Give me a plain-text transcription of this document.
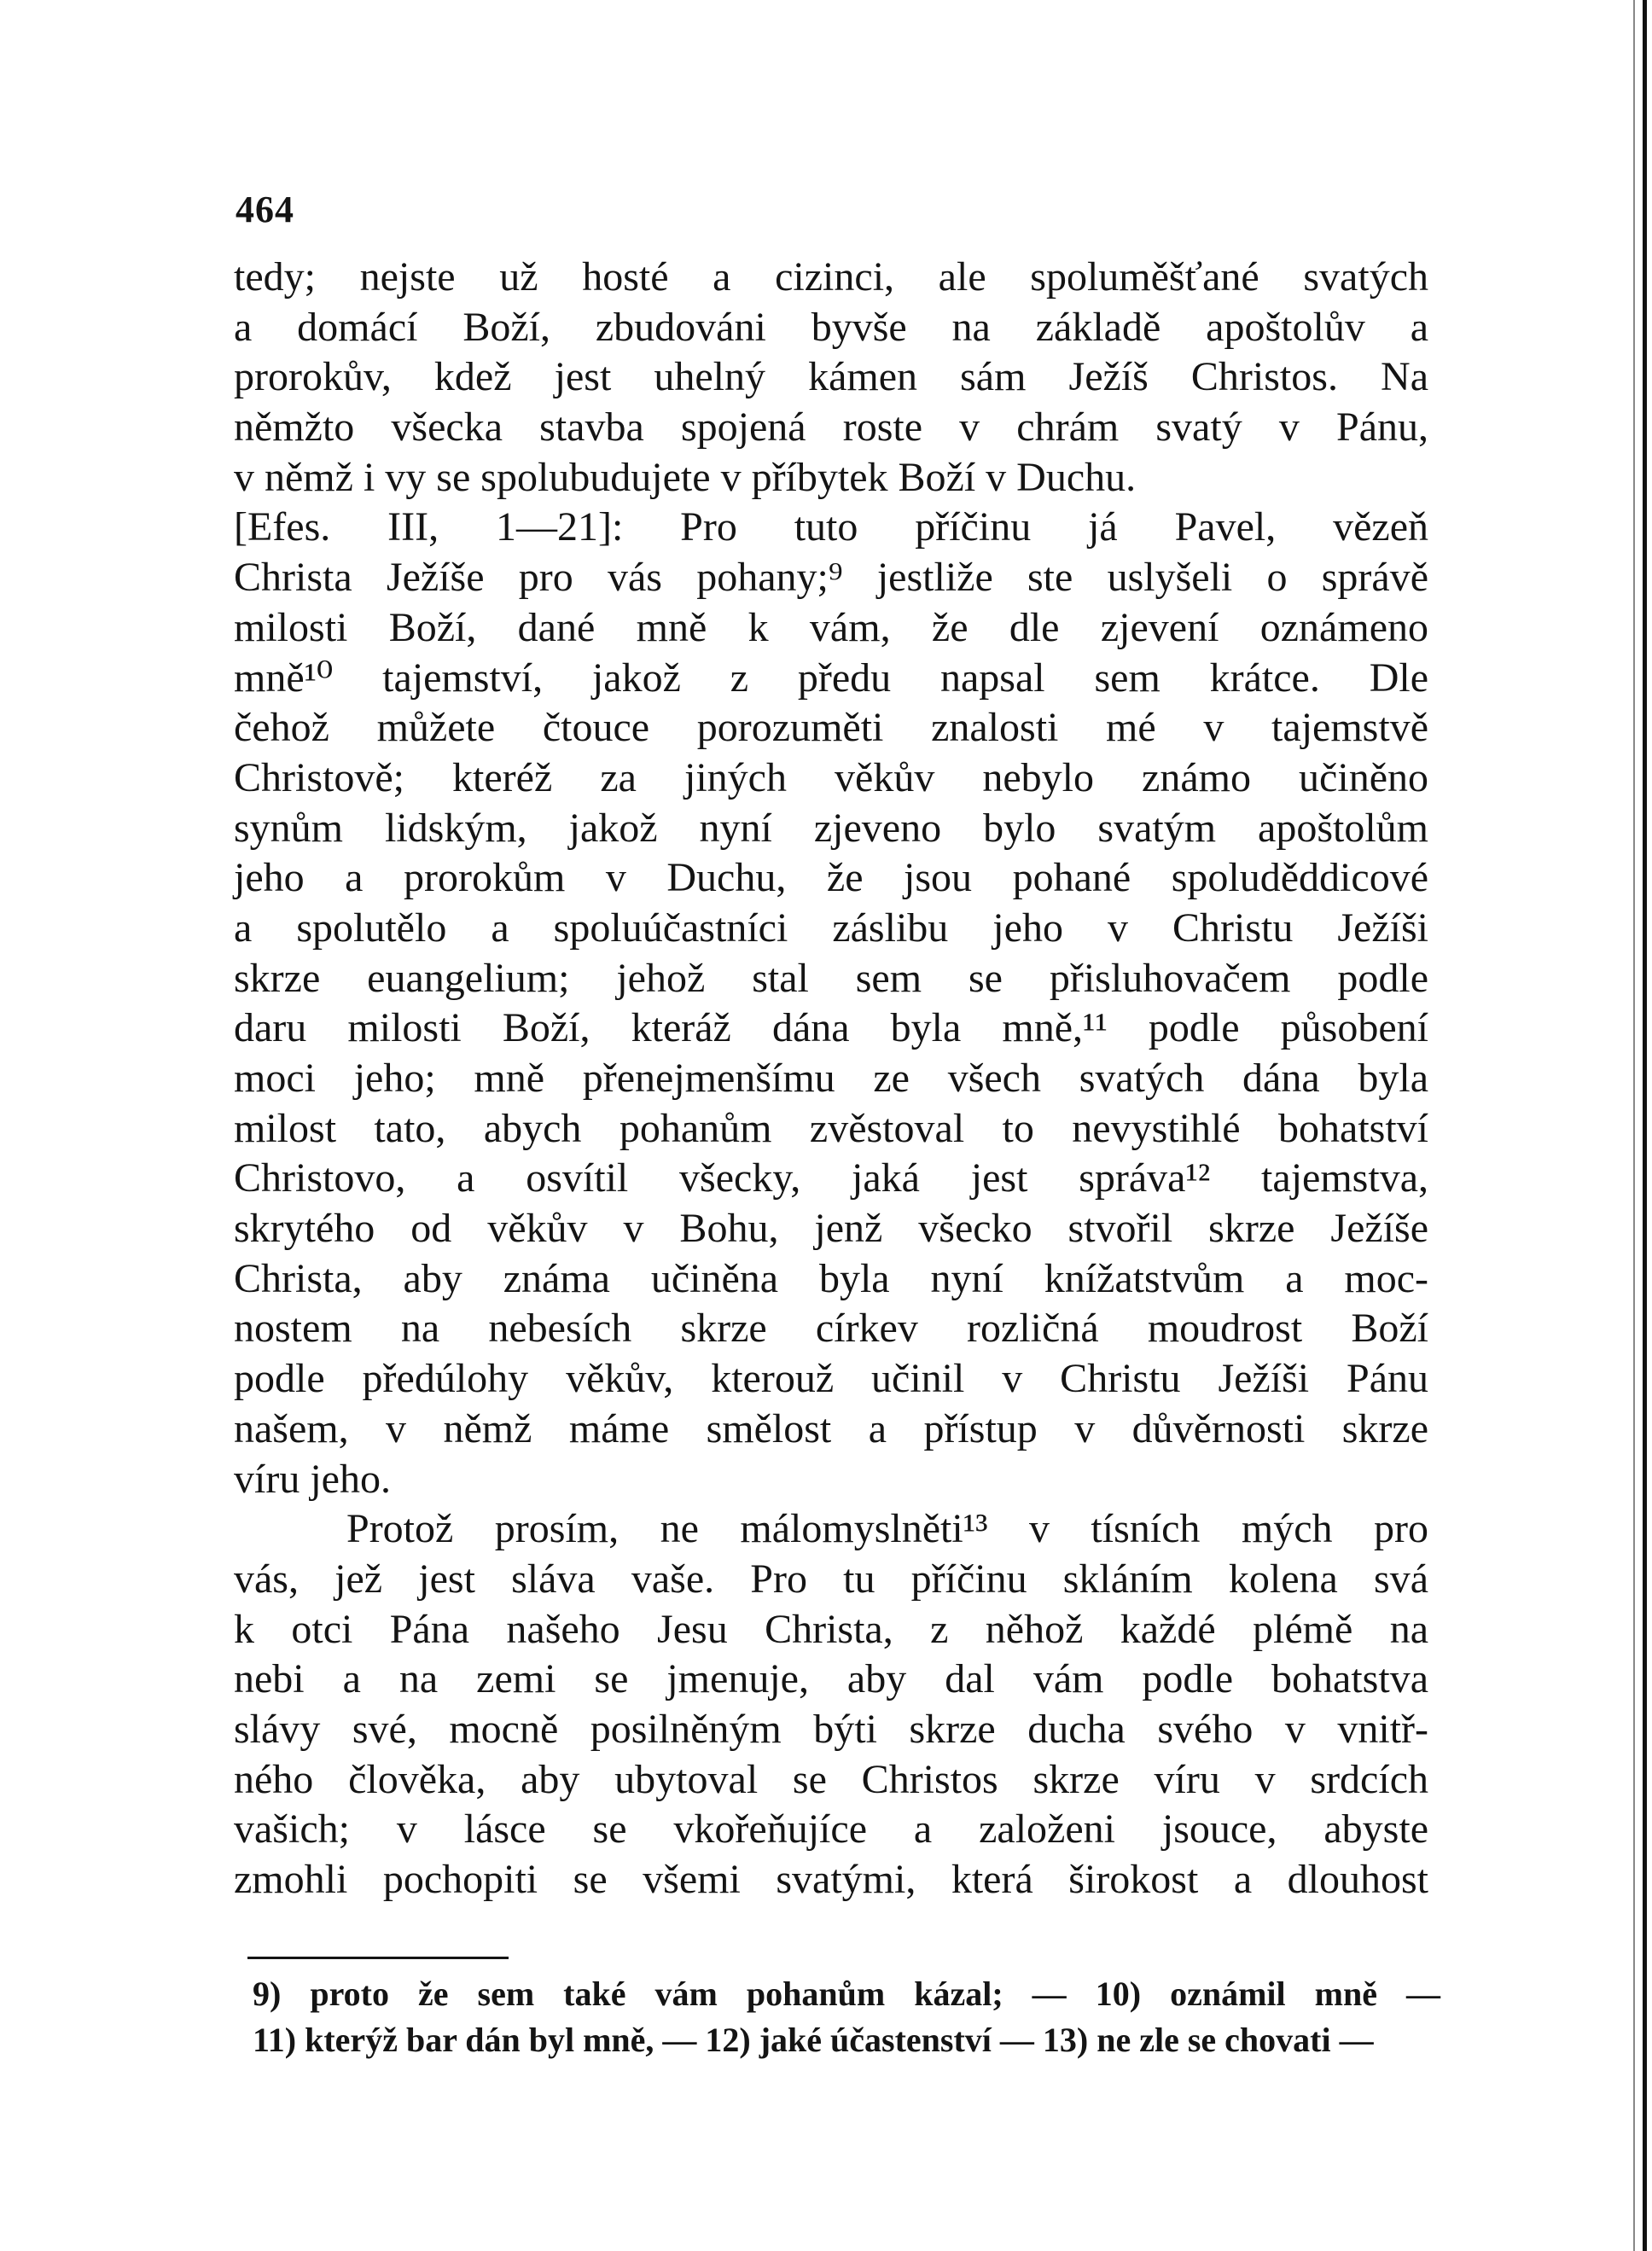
464
tedy; nejste už hosté a cizinci, ale spoluměšťané svatých
a domácí Boží, zbudováni byvše na základě apoštolův a
prorokův, kdež jest uhelný kámen sám Ježíš Christos. Na
němžto všecka stavba spojená roste v chrám svatý v Pánu,
v němž i vy se spolubudujete v příbytek Boží v Duchu.
[Efes. III, 1—21]: Pro tuto příčinu já Pavel, vězeň
Christa Ježíše pro vás pohany;⁹ jestliže ste uslyšeli o správě
milosti Boží, dané mně k vám, že dle zjevení oznámeno
mně¹⁰ tajemství, jakož z předu napsal sem krátce. Dle
čehož můžete čtouce porozuměti znalosti mé v tajemstvě
Christově; kteréž za jiných věkův nebylo známo učiněno
synům lidským, jakož nyní zjeveno bylo svatým apoštolům
jeho a prorokům v Duchu, že jsou pohané spoluděddicové
a spolutělo a spoluúčastníci záslibu jeho v Christu Ježíši
skrze euangelium; jehož stal sem se přisluhovačem podle
daru milosti Boží, kteráž dána byla mně,¹¹ podle působení
moci jeho; mně přenejmenšímu ze všech svatých dána byla
milost tato, abych pohanům zvěstoval to nevystihlé bohatství
Christovo, a osvítil všecky, jaká jest správa¹² tajemstva,
skrytého od věkův v Bohu, jenž všecko stvořil skrze Ježíše
Christa, aby známa učiněna byla nyní knížatstvům a moc-
nostem na nebesích skrze církev rozličná moudrost Boží
podle předúlohy věkův, kterouž učinil v Christu Ježíši Pánu
našem, v němž máme smělost a přístup v důvěrnosti skrze
víru jeho.
Protož prosím, ne málomyslněti¹³ v tísních mých pro
vás, jež jest sláva vaše. Pro tu příčinu skláním kolena svá
k otci Pána našeho Jesu Christa, z něhož každé plémě na
nebi a na zemi se jmenuje, aby dal vám podle bohatstva
slávy své, mocně posilněným býti skrze ducha svého v vnitř-
ného člověka, aby ubytoval se Christos skrze víru v srdcích
vašich; v lásce se vkořeňujíce a založeni jsouce, abyste
zmohli pochopiti se všemi svatými, která širokost a dlouhost
9) proto že sem také vám pohanům kázal; — 10) oznámil mně —
11) kterýž bar dán byl mně, — 12) jaké účastenství — 13) ne zle se chovati —
